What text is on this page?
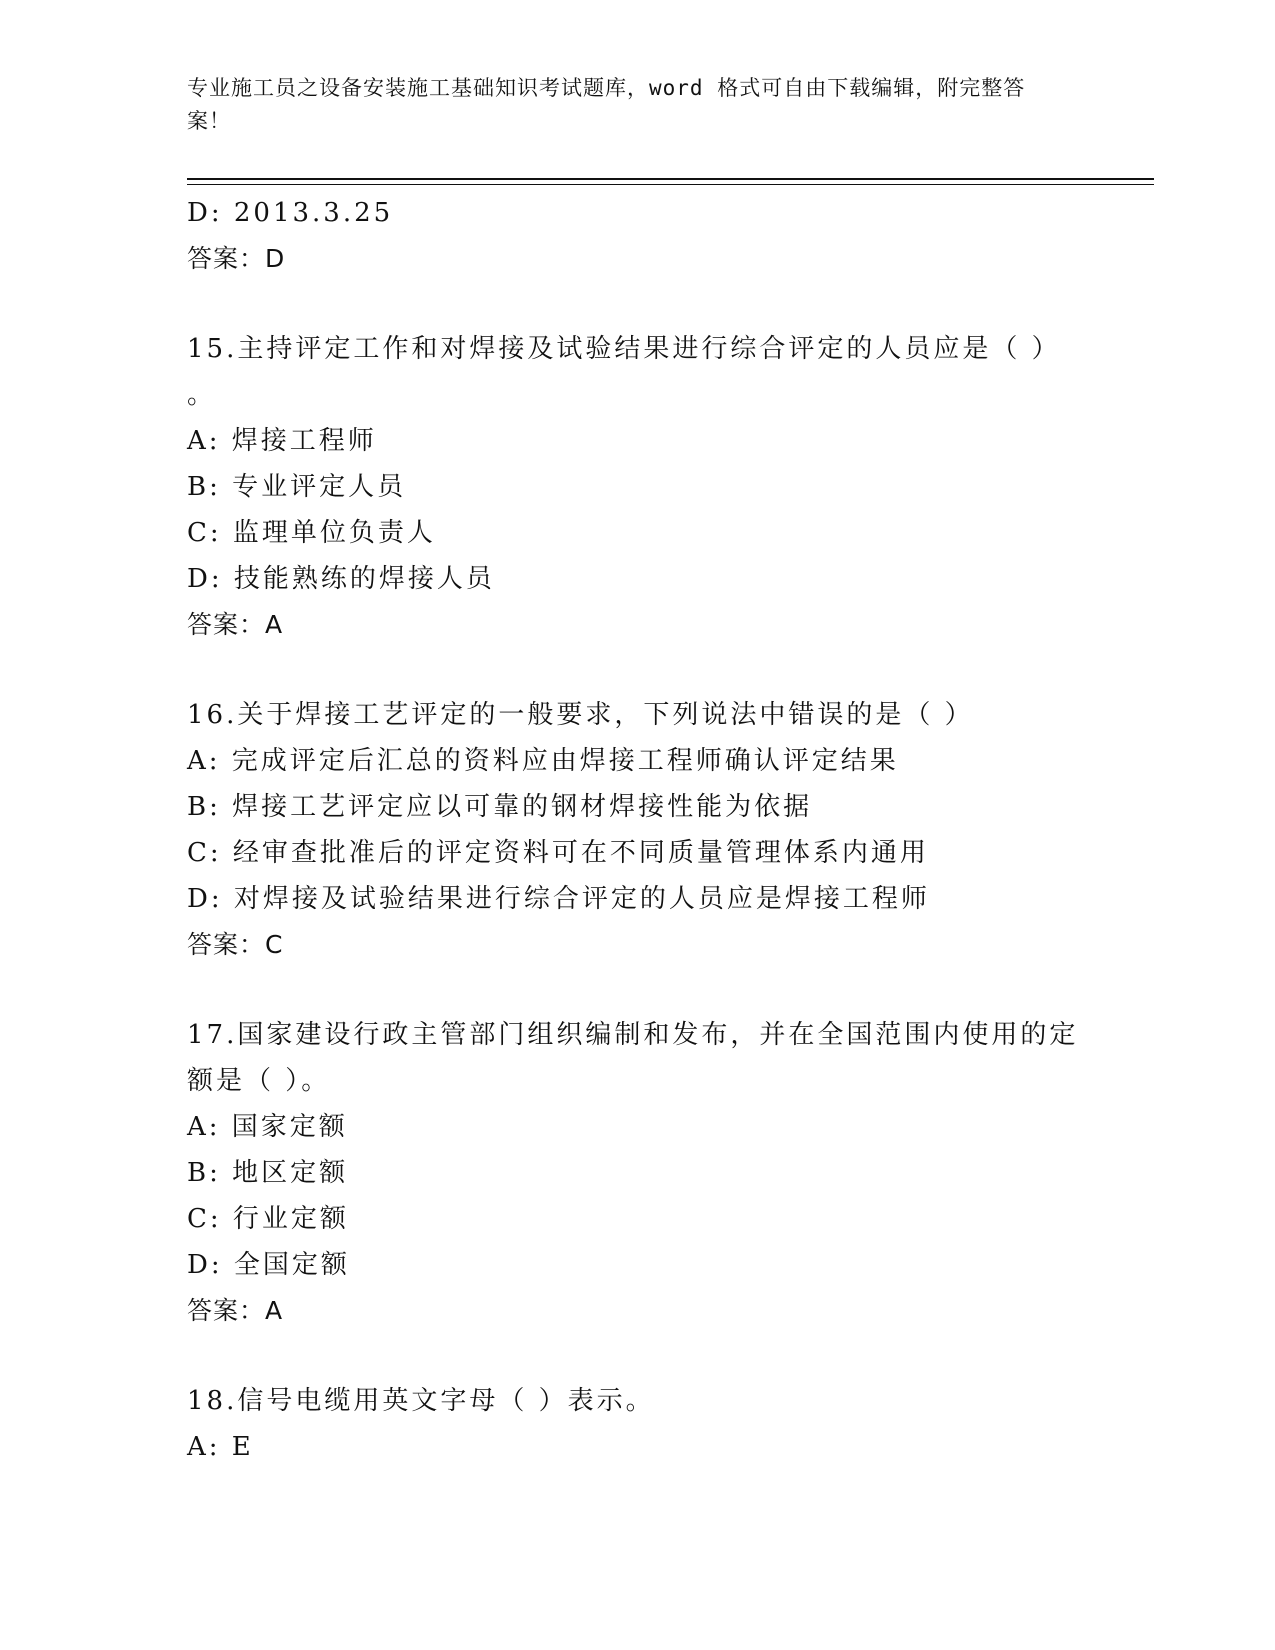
专业施工员之设备安装施工基础知识考试题库，word 格式可自由下载编辑，附完整答案！
D: 2013.3.25
答案：D
15.主持评定工作和对焊接及试验结果进行综合评定的人员应是（ ）
。
A: 焊接工程师
B: 专业评定人员
C: 监理单位负责人
D: 技能熟练的焊接人员
答案：A
16.关于焊接工艺评定的一般要求，下列说法中错误的是（ ）
A: 完成评定后汇总的资料应由焊接工程师确认评定结果
B: 焊接工艺评定应以可靠的钢材焊接性能为依据
C: 经审查批准后的评定资料可在不同质量管理体系内通用
D: 对焊接及试验结果进行综合评定的人员应是焊接工程师
答案：C
17.国家建设行政主管部门组织编制和发布，并在全国范围内使用的定
额是（ ）。
A: 国家定额
B: 地区定额
C: 行业定额
D: 全国定额
答案：A
18.信号电缆用英文字母（ ）表示。
A: E
